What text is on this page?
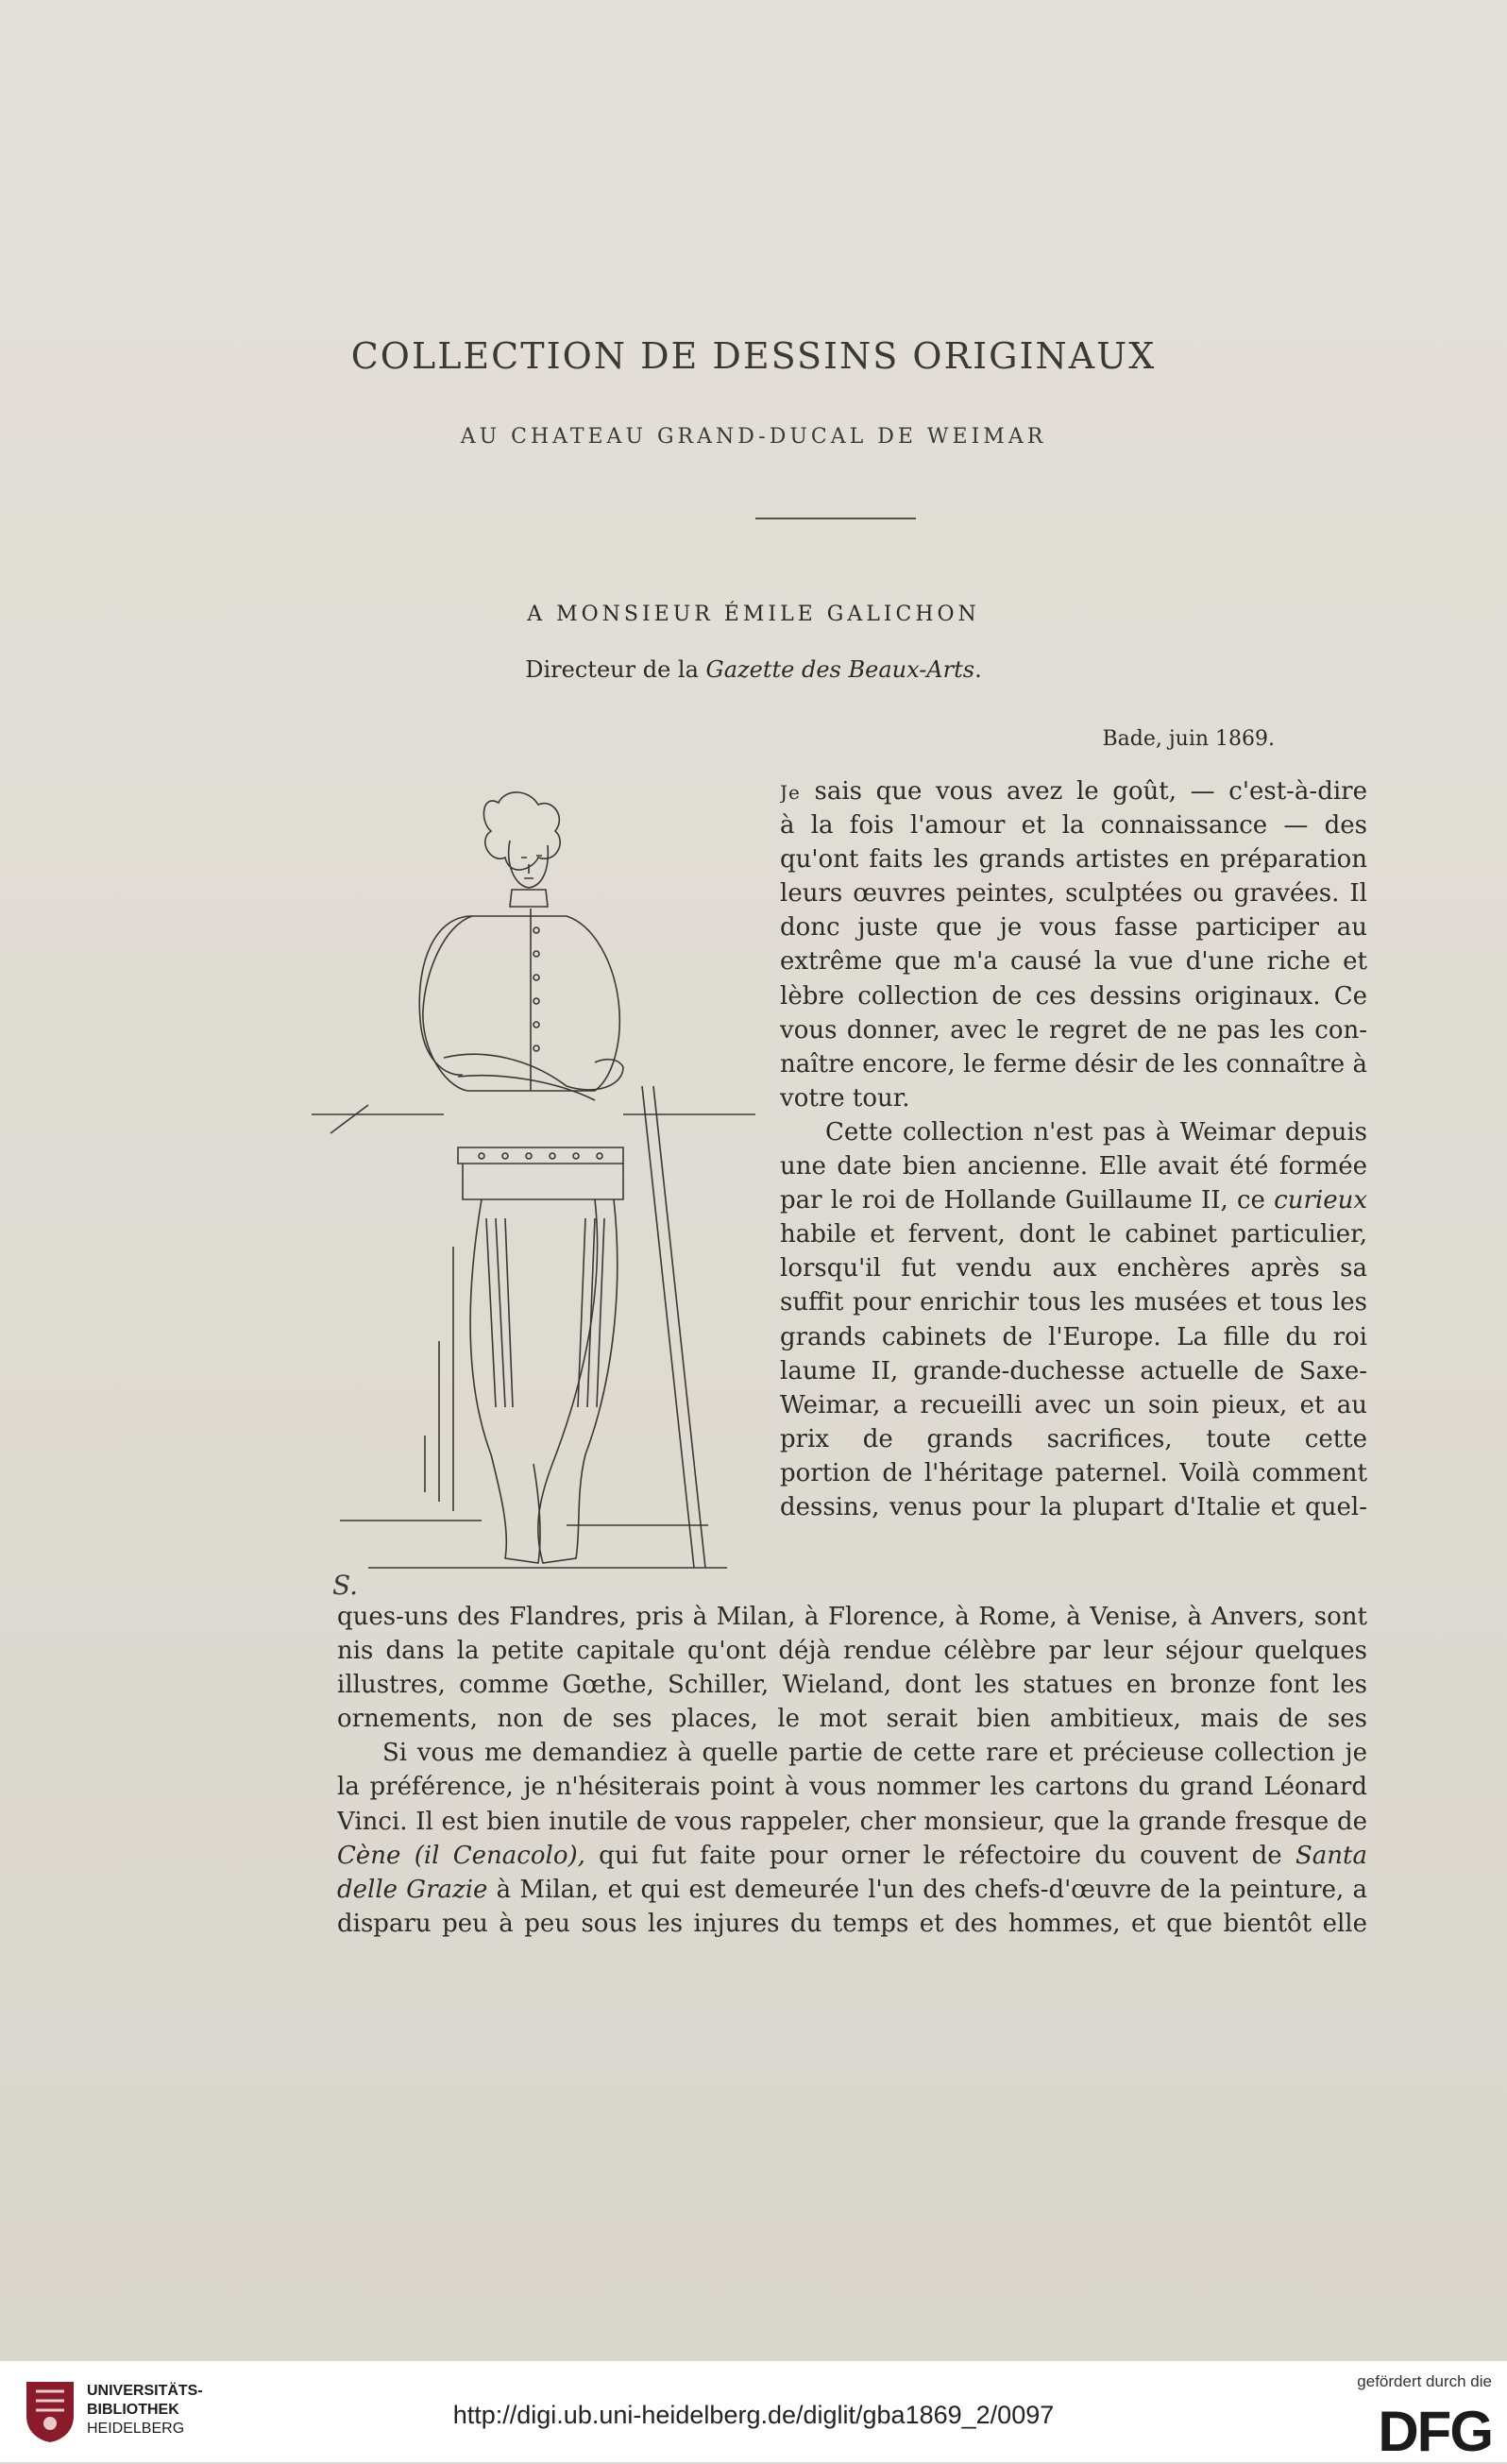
COLLECTION DE DESSINS ORIGINAUX
AU CHATEAU GRAND-DUCAL DE WEIMAR
A MONSIEUR ÉMILE GALICHON
Directeur de la Gazette des Beaux-Arts.
Bade, juin 1869.
S.
Je sais que vous avez le goût, — c'est-à-dire
à la fois l'amour et la connaissance — des
qu'ont faits les grands artistes en préparation
leurs œuvres peintes, sculptées ou gravées. Il
donc juste que je vous fasse participer au
extrême que m'a causé la vue d'une riche et
lèbre collection de ces dessins originaux. Ce
vous donner, avec le regret de ne pas les con-
naître encore, le ferme désir de les connaître à
votre tour.
Cette collection n'est pas à Weimar depuis
une date bien ancienne. Elle avait été formée
par le roi de Hollande Guillaume II, ce curieux
habile et fervent, dont le cabinet particulier,
lorsqu'il fut vendu aux enchères après sa
suffit pour enrichir tous les musées et tous les
grands cabinets de l'Europe. La fille du roi
laume II, grande-duchesse actuelle de Saxe-
Weimar, a recueilli avec un soin pieux, et au
prix de grands sacrifices, toute cette
portion de l'héritage paternel. Voilà comment
dessins, venus pour la plupart d'Italie et quel-
ques-uns des Flandres, pris à Milan, à Florence, à Rome, à Venise, à Anvers, sont
nis dans la petite capitale qu'ont déjà rendue célèbre par leur séjour quelques
illustres, comme Gœthe, Schiller, Wieland, dont les statues en bronze font les
ornements, non de ses places, le mot serait bien ambitieux, mais de ses
Si vous me demandiez à quelle partie de cette rare et précieuse collection je
la préférence, je n'hésiterais point à vous nommer les cartons du grand Léonard
Vinci. Il est bien inutile de vous rappeler, cher monsieur, que la grande fresque de
Cène (il Cenacolo), qui fut faite pour orner le réfectoire du couvent de Santa
delle Grazie à Milan, et qui est demeurée l'un des chefs-d'œuvre de la peinture, a
disparu peu à peu sous les injures du temps et des hommes, et que bientôt elle
UNIVERSITÄTS-
BIBLIOTHEK
HEIDELBERG	http://digi.ub.uni-heidelberg.de/diglit/gba1869_2/0097
gefördert durch die
DFG
